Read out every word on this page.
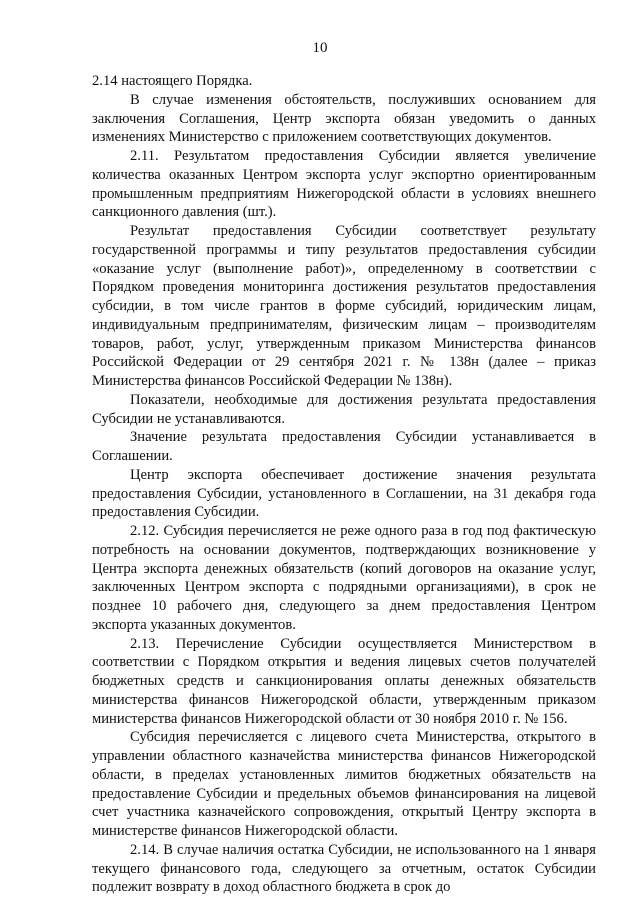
10

2.14 настоящего Порядка.

В случае изменения обстоятельств, послуживших основанием для заключения Соглашения, Центр экспорта обязан уведомить о данных изменениях Министерство с приложением соответствующих документов.

2.11. Результатом предоставления Субсидии является увеличение количества оказанных Центром экспорта услуг экспортно ориентированным промышленным предприятиям Нижегородской области в условиях внешнего санкционного давления (шт.).

Результат предоставления Субсидии соответствует результату государственной программы и типу результатов предоставления субсидии «оказание услуг (выполнение работ)», определенному в соответствии с Порядком проведения мониторинга достижения результатов предоставления субсидии, в том числе грантов в форме субсидий, юридическим лицам, индивидуальным предпринимателям, физическим лицам – производителям товаров, работ, услуг, утвержденным приказом Министерства финансов Российской Федерации от 29 сентября 2021 г. № 138н (далее – приказ Министерства финансов Российской Федерации № 138н).

Показатели, необходимые для достижения результата предоставления Субсидии не устанавливаются.

Значение результата предоставления Субсидии устанавливается в Соглашении.

Центр экспорта обеспечивает достижение значения результата предоставления Субсидии, установленного в Соглашении, на 31 декабря года предоставления Субсидии.

2.12. Субсидия перечисляется не реже одного раза в год под фактическую потребность на основании документов, подтверждающих возникновение у Центра экспорта денежных обязательств (копий договоров на оказание услуг, заключенных Центром экспорта с подрядными организациями), в срок не позднее 10 рабочего дня, следующего за днем предоставления Центром экспорта указанных документов.

2.13. Перечисление Субсидии осуществляется Министерством в соответствии с Порядком открытия и ведения лицевых счетов получателей бюджетных средств и санкционирования оплаты денежных обязательств министерства финансов Нижегородской области, утвержденным приказом министерства финансов Нижегородской области от 30 ноября 2010 г. № 156.

Субсидия перечисляется с лицевого счета Министерства, открытого в управлении областного казначейства министерства финансов Нижегородской области, в пределах установленных лимитов бюджетных обязательств на предоставление Субсидии и предельных объемов финансирования на лицевой счет участника казначейского сопровождения, открытый Центру экспорта в министерстве финансов Нижегородской области.

2.14. В случае наличия остатка Субсидии, не использованного на 1 января текущего финансового года, следующего за отчетным, остаток Субсидии подлежит возврату в доход областного бюджета в срок до
